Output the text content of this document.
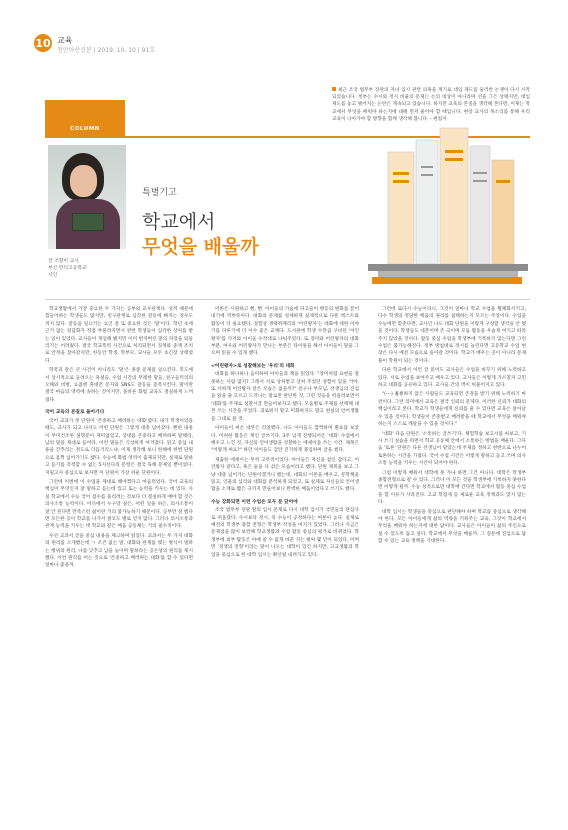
10 교육
천안아산신문 | 2019. 10. 10 | 91호
COLUMN
최근 조국 법무부 장관의 자녀 입시 관련 의혹을 계기로 대입 제도를 둘러싼 논쟁이 다시 시작되었습니다. 정부는 수시와 정시 비율의 문제는 논의 대상이 아니라며 선을 그은 상태지만, 대입 제도를 놓고 벌어지는 논란은 계속되고 있습니다. 하지만 교육의 본질을 생각해 본다면, 이제는 학교에서 무엇을 배워야 하는지에 대해 먼저 물어야 할 때입니다. 현장 교사의 목소리를 통해 우리 교육이 나아가야 할 방향을 함께 생각해 봅니다. - 편집자
글 조향미 교사
부산 만덕고등학교
시인
특별기고
학교에서
무엇을 배울까

학교생활에서 가장 중요한 두 가지는 공부와 교우관계다. 성적 때문에 힘들어하는 학생들도 많지만, 친구관계로 심각한 갈등에 빠지는 경우도 적지 않다. 갈등을 일으키는 요인 중 또 중요한 것은 '말'이다. 학년 초에 근거 없는 뒷담화가 정점 부풀려지면서 관련 학생들이 심각한 상처를 받는 일이 있었다. 교사들이 개입해 봤지만 이미 번져버린 말의 파장을 되돌리기는 어려웠다. 결국 학교폭력 사건으로 처리되면서 징계와 중재 조치로 안정을 찾아갔지만, 한동안 학생, 학부모, 교사들 모두 초긴장 상태였다.

학폭과 같은 큰 사건이 아니라도 '말'은 종종 문제를 일으킨다. 복도에서 상시적으로 들려오는 욕설들, 수업 시간의 무례한 말들, 친구들끼리의 오해와 비방, 요즘엔 휴대폰 문자와 SNS도 갈등을 증폭시킨다. 말이란 결국 마음의 영역에 속하는 것이지만, 올바른 화법 교육도 절실하게 느껴졌다.

국어 교육의 본질로 돌아가다

국어 교과가 첫 단원이 '존중하고 배려하는 대화'였다. 내가 학생이었을 때도, 교사가 되고 나서도 어떤 단원은 그렇게 대충 넘어갔다. 뻔한 내용이 무미건조한 설명문이 재미없었고, 상대를 존중하고 배려하며 말해라, 남의 말을 제대로 들어라, 이런 말들은 식상하게 여겨졌다. 읽고 중심 내용을 간추리는 정도로 더듬거리느냐, 이제 생각해 보니 한해에 한번 단원으로 흘쩍 넘어가기도 했다. 수능에 화법 영역이 출제되지만, 실제로 말하고 듣기를 측정할 수 없는 5지선다의 문항은 결국 독해 문제일 뿐이었다. 지필고사 중심으로 보자면 이 단원이 가장 쉬운 단원이다.

그런데 이번에 이 수업을 제대로 해야겠다고 마음먹었다. 국어 교육의 핵심이 무엇인지 잘 말하고 듣는데 있고 또는 능력을 키우는 데 있다. 사실 학교에서 수능 국어 점수를 올리려는 것보다 더 절실하게 얘야 할 것은 의사소통 능력이다. 어디에서 누구랑 살든, 어떤 일을 하든, 의사소통이 잘 안 된다면 만족스런 삶이란 거의 불가능하기 때문이다. 공부만 잘 했다면 모든한 공이 학교를 나가서 결코도 별로 얻지 않다. 그러나 의사소통과 관계 능력을 키우는 데 학교와 같은 배움 공동체는 거의 필수적이다.

우선 교과서 글을 중심 내용을 체크하며 읽었다. 교과서는 두 가지 대화의 원리를 소개했는데 ㄱ 조건 없는 말, 대화와 관계를 맺는 방식이 말하는 행위의 원리, 나를 낮추고 남을 높이며 말하라는 공손성의 원리를 제시했다. 이런 원리를 어는 것으로 '존중하고 배려하는 대화'를 할 수 있다면 얼마나 좋을까.

이론은 시원하고 뻔, 뻔. 아이들의 가슴에 파고들어 행동의 변화를 끌어내기에 역부족이다. 대화의 문제를 성세하게 실제적으로 다룬 텍스트와 활동이 더 필요했다. 경험상 생택쥐페리의 '어린왕자'는 대화에 대한 이야기를 다루기에 더 이수 좋은 교재다. 도서관에 학생 수만큼 구비된 '어린왕자'를 가져와 아이들 수작대로 나눠주었다. 또 장미와 어린왕자의 대화 부분, 여우와 어린왕자가 만나는 부분은 타이핑을 해서 아이들이 말을 그으며 읽을 수 있게 했다.

<어린왕자>로 성찰해보는 '우리'의 대화

대화를 하나하나 음미하며 아이들과 책을 읽었다. "장미처럼 표현을 잘 못하는 사람 많지? 그래서 서로 상처받고 상처 주었던 경험이 있을 거야. 또 너희게 어린왕자 같은 모습은 없을까?" 친구나 부모님, 선생님의 진심을 읽을 줄 모르고 드러나는 말로만 판단한 것, 그런 것들을 떠올려보면서 '대화'를 주제로 성찰시글 만들어보자고 했다. 모둠별로 주제를 선택해 대본 쓰는 시간을 주었다. 괴로워지 말고 미화하지도 말고 현실의 언어생활을 그대로 쓸 것.

아이들이 써온 대본은 리얼했다. 나도 아이들도 깜짝하며 발표를 보았다. 미처한 활동은 계인 글쓰기다. 3주 넘게 진행되어온 '대화' 수업에서 배우고 느낀 것, 자신의 언어생활을 성찰하는 에세이를 쓰는 시간. 제목은 "어떻게 써요?" 하던 아이들도 감탄 진지하게 몰입하며 글을 썼다.

제출한 에세이는 무척 고무적이었다. 아이들은 자신을 참인 갑다고, 어린왕자 같다고, 혹은 둘을 다 섞은 모습이라고 했다. 단원 제목을 보고 그냥 대충 넘어가는 단원이겠거니 했는데, 대화의 이론을 배우고, 문학책을 읽고, 인물의 심리와 대화를 분석하게 되었고, 또 실제로 자신들의 언어생활을 소재로 짧은 극까지 만들어보니 완벽한 배움이었다고 쓰기도 했다.

수능 강화되면 이런 수업은 모두 문 닫아야

조국 법무부 장관 딸의 입시 문제로 다시 대학 입시가 국민들의 관심사로 떠올랐다. 수시보다 정시, 즉 수능이 공정하다는 여론이 높다. 실제로 예전의 학생부 종합 전형은 학생부 작성을 여지가 있었다. 그러나 지금은 문제점을 많이 보완해 학교생활과 수업 활동 중심의 평가로 바뀌었다. 학생부에 외부 활동은 아예 쓸 수 없게 바꾼 지는 벌써 몇 년이 되었다. 어쩌면 '경쟁의 전형'이라는 말이 나오는 대학이 있긴 하지만, 고교생활과 학업을 중심으로 한 대학 입시는 확산될 내려가고 있다.

그런데 또다시 수능이라니, 그것이 얼마나 학교 수업을 황폐화시키고, 다수 학생의 정당한 배움의 권리를 침해하는지 모르는 주장이다. 수업을 수능에만 맞춘다면, 교사인 나도 대화 단원을 이렇게 구상할 생각을 안 했을 것이다. 학생들도 대본이며 존 극이며 모둠 활동을 우습게 여기고 따라주지 않았을 것이다. 활동 중심 수업을 학생부에 기록하지 않는다면 그런 수업은 불가능해진다. 정부 방침대로 정시를 늘린다면 고등학교 수업 현장은 다시 예전 모습으로 돌아갈 것이다. 학교가 배우는 곳이 아니라 문제 풀이 학원이 되는 것이다.

다른 학교에서 이런 글 읽어도 교사들은 수업을 바꾸기 위해 노력하고 있다. 서로 수업을 보여주고 배우고 있다. 교사들은 어떻게 가르칠지 고민하고 대화를 공유하고 있다. 교사들 간의 벽이 허물어지고 있다.

"(---) 훌륭하지 않은 사람들도 교육되면 존경을 받기 위해 노력하기 마련이다. 그런 의미에서 교육은 결국 신뢰의 문제다. 이러한 신뢰가 대화의 핵심이라고 본다. 학교가 학생들에게 신뢰를 줄 수 있다면 교육은 살아날 수 있을 것이다. 학생들이 존중받고 배려받을 때 학교에서 무엇을 배워야 하는지 스스로 깨달을 수 있을 것이다."

'대화' 다음 단원은 '소통하는 글쓰기'다. 체험학습 보고서를 써보고, 기사 쓰기 실습을 하면서 학교 공동체 안에서 소통하는 방법을 배운다. 그다음 '토론' 단원은 다른 선생님이 맡았는데 주제를 정하고 찬반으로 나누어 토론하는 시간을 가졌다. 국어 수업 시간은 이렇게 말하고 듣고 쓰며 의사소통 능력을 키우는 시간이 되어야 한다.

그럼 이렇게 배워서 대학에 못 가냐 하면 그건 아니다. 대학은 학생부 종합전형으로 갈 수 있다. 그러나 이 모든 것을 학생부에 기록하지 못한다면 어떻게 될까. 수능 성적으로만 대학에 간다면 학교에서 활동 중심 수업을 할 이유가 사라진다. 고교 학점제 등 새로운 교육 정책과도 맞지 않는다.

대학 입시는 학생들을 중심으로 판단해야 하며 학교를 중심으로 생각해야 한다. 모든 아이들에게 삶의 역량을 키워주는 교육, 그것이 학교에서 무엇을 배워야 하는지에 대한 답이다. 교사들은 아이들이 삶의 주인으로 설 수 있도록 돕고 싶다. 학교에서 무엇을 배울까. 그 질문에 진심으로 답할 수 있는 교육 정책을 기대한다.
